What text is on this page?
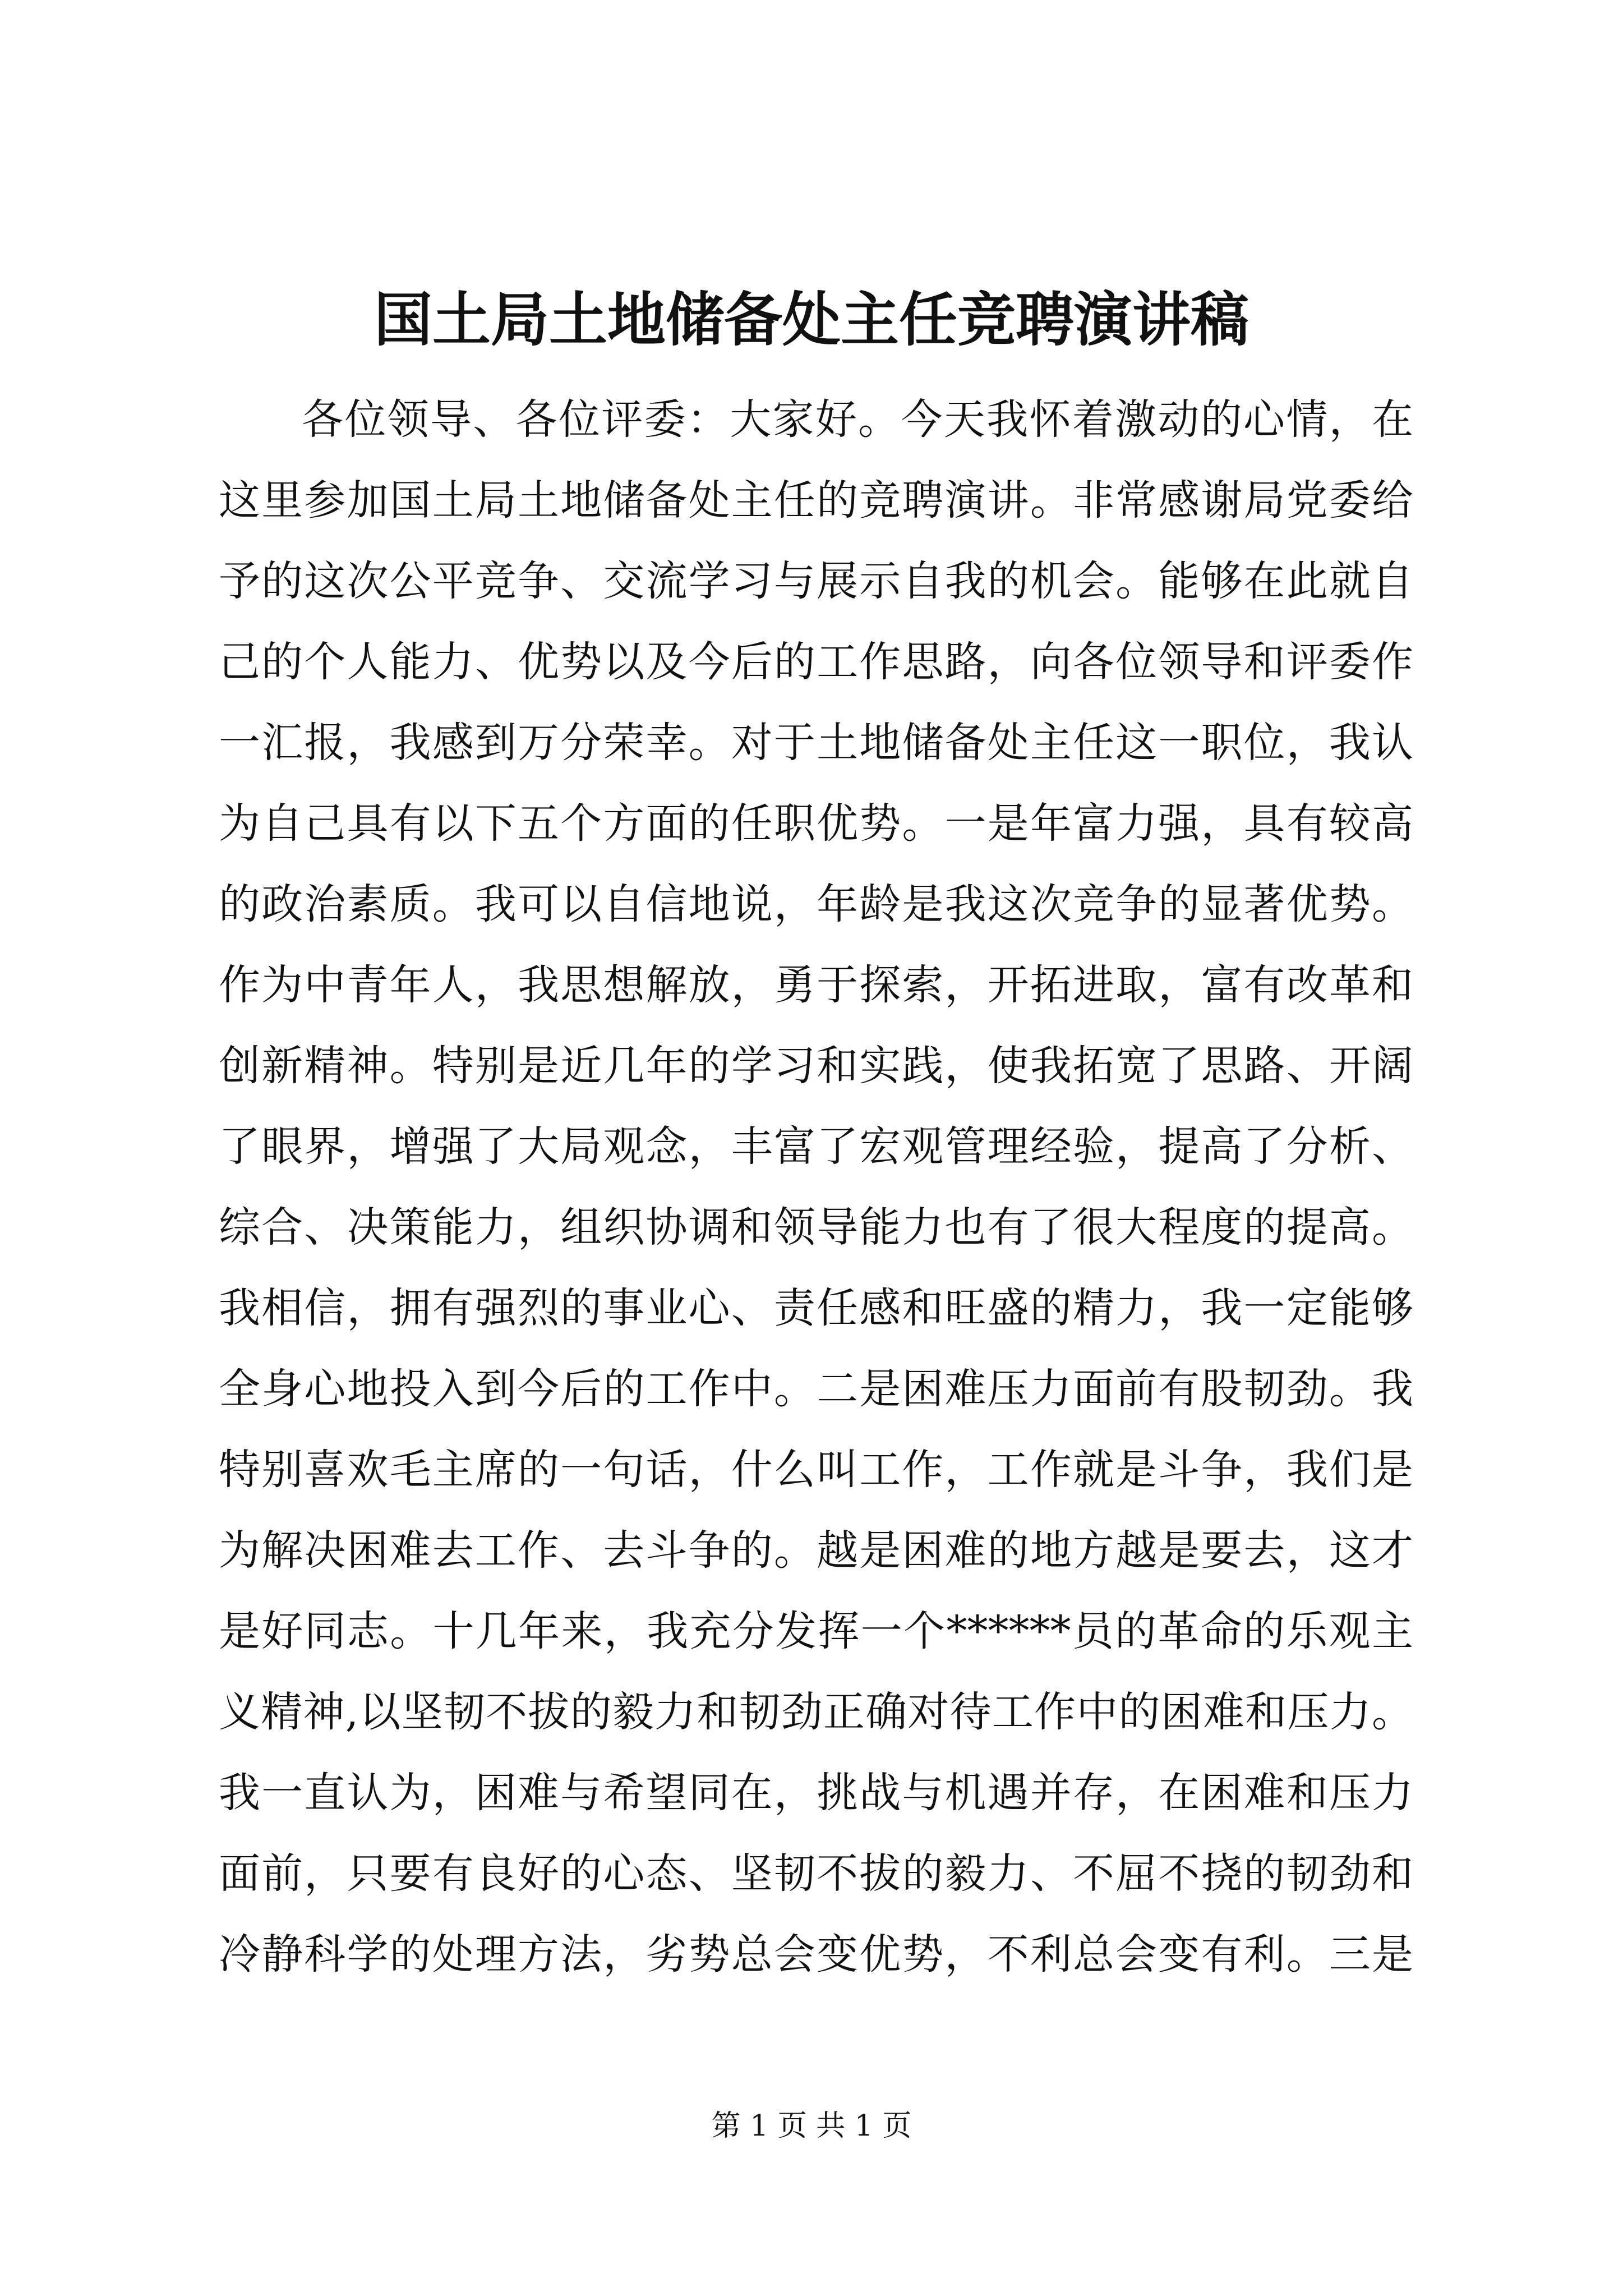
国土局土地储备处主任竞聘演讲稿
各位领导、各位评委：大家好。今天我怀着激动的心情，在
这里参加国土局土地储备处主任的竞聘演讲。非常感谢局党委给
予的这次公平竞争、交流学习与展示自我的机会。能够在此就自
己的个人能力、优势以及今后的工作思路，向各位领导和评委作
一汇报，我感到万分荣幸。对于土地储备处主任这一职位，我认
为自己具有以下五个方面的任职优势。一是年富力强，具有较高
的政治素质。我可以自信地说，年龄是我这次竞争的显著优势。
作为中青年人，我思想解放，勇于探索，开拓进取，富有改革和
创新精神。特别是近几年的学习和实践，使我拓宽了思路、开阔
了眼界，增强了大局观念，丰富了宏观管理经验，提高了分析、
综合、决策能力，组织协调和领导能力也有了很大程度的提高。
我相信，拥有强烈的事业心、责任感和旺盛的精力，我一定能够
全身心地投入到今后的工作中。二是困难压力面前有股韧劲。我
特别喜欢毛主席的一句话，什么叫工作，工作就是斗争，我们是
为解决困难去工作、去斗争的。越是困难的地方越是要去，这才
是好同志。十几年来，我充分发挥一个******员的革命的乐观主
义精神,以坚韧不拔的毅力和韧劲正确对待工作中的困难和压力。
我一直认为，困难与希望同在，挑战与机遇并存，在困难和压力
面前，只要有良好的心态、坚韧不拔的毅力、不屈不挠的韧劲和
冷静科学的处理方法，劣势总会变优势，不利总会变有利。三是
第 1 页 共 1 页
